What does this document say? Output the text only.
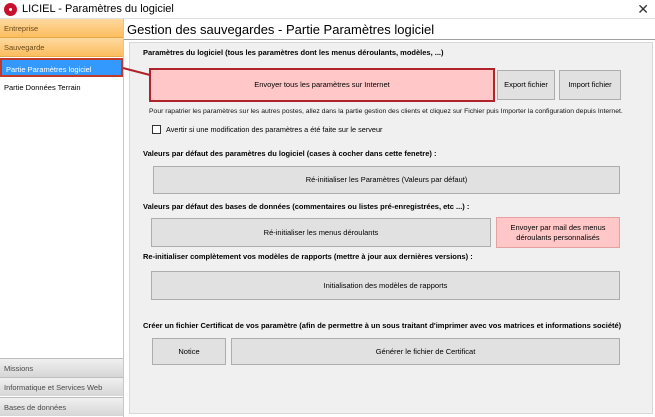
LICIEL - Paramètres du logiciel	✕
Entreprise
Sauvegarde
Partie Paramètres logiciel
Partie Données Terrain
Missions
Informatique et Services Web
Bases de données
Gestion des sauvegardes - Partie Paramètres logiciel
Paramètres du logiciel (tous les paramètres dont les menus déroulants, modèles, ...)
Envoyer tous les paramètres sur Internet	Export fichier	Import fichier
Pour rapatrier les paramètres sur les autres postes, allez dans la partie gestion des clients et cliquez sur Fichier puis Importer la configuration depuis Internet.
Avertir si une modification des paramètres a été faite sur le serveur
Valeurs par défaut des paramètres du logiciel (cases à cocher dans cette fenetre) :
Ré-initialiser les Paramètres (Valeurs par défaut)
Valeurs par défaut des bases de données (commentaires ou listes pré-enregistrées, etc ...) :
Ré-initialiser les menus déroulants
Envoyer par mail des menus
déroulants personnalisés
Re-initialiser complètement vos modèles de rapports (mettre à jour aux dernières versions) :
Initialisation des modèles de rapports
Créer un fichier Certificat de vos paramètre (afin de permettre à un sous traitant d'imprimer avec vos matrices et informations société)
Notice	Générer le fichier de Certificat
